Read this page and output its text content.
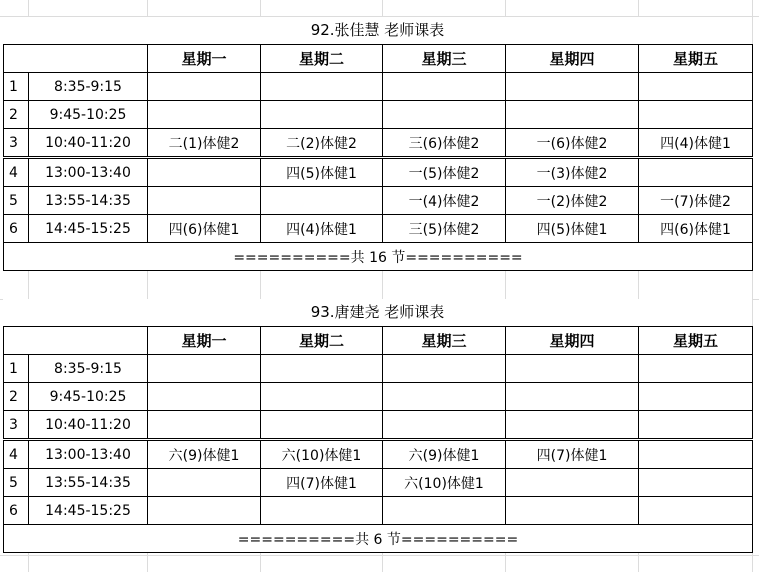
92.张佳慧 老师课表
		星期一	星期二	星期三	星期四	星期五
1	8:35-9:15					
2	9:45-10:25					
3	10:40-11:20	二(1)体健2	二(2)体健2	三(6)体健2	一(6)体健2	四(4)体健1
4	13:00-13:40		四(5)体健1	一(5)体健2	一(3)体健2	
5	13:55-14:35			一(4)体健2	一(2)体健2	一(7)体健2
6	14:45-15:25	四(6)体健1	四(4)体健1	三(5)体健2	四(5)体健1	四(6)体健1
==========共 16 节==========						
93.唐建尧 老师课表
		星期一	星期二	星期三	星期四	星期五
1	8:35-9:15					
2	9:45-10:25					
3	10:40-11:20					
4	13:00-13:40	六(9)体健1	六(10)体健1	六(9)体健1	四(7)体健1	
5	13:55-14:35		四(7)体健1	六(10)体健1		
6	14:45-15:25					
==========共 6 节==========						
